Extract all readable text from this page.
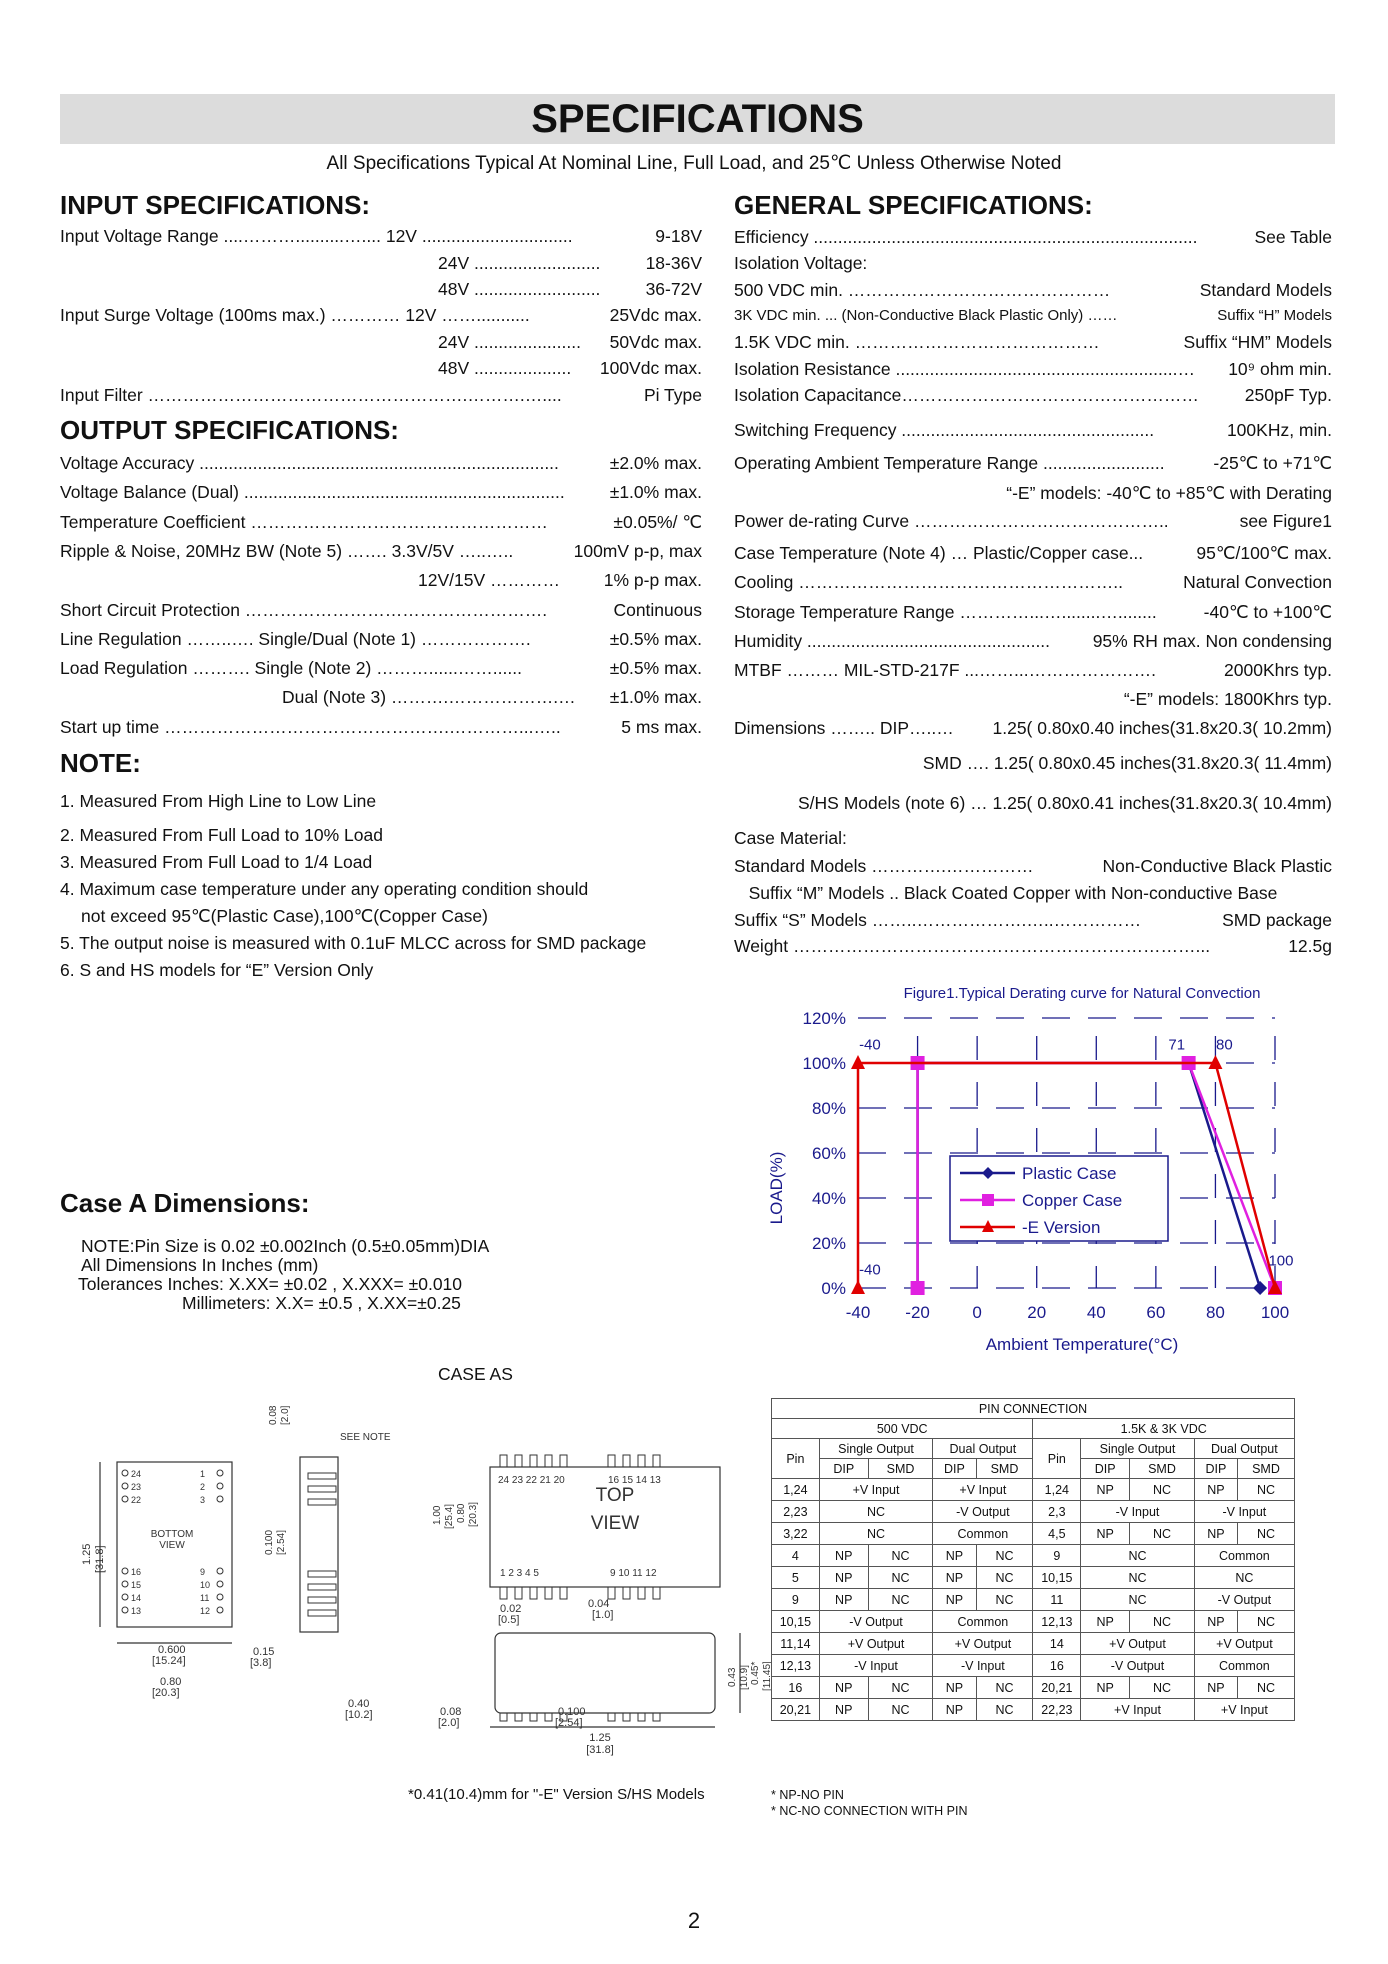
SPECIFICATIONS
All Specifications Typical At Nominal Line, Full Load, and 25℃ Unless Otherwise Noted
INPUT SPECIFICATIONS:
Input Voltage Range ....………..........….... 12V ...............................	9-18V
24V ..........................	18-36V
48V ..........................	36-72V
Input Surge Voltage (100ms max.) ………… 12V ……...........	25Vdc max.
24V ...................... 50Vdc max.
48V .................... 100Vdc max.
Input Filter ……………………………………………….……….…....	Pi Type
OUTPUT SPECIFICATIONS:
Voltage Accuracy ..........................................................................	±2.0% max.
Voltage Balance (Dual) ..................................................................	±1.0% max.
Temperature Coefficient ……………………………………………	±0.05%/ ℃
Ripple & Noise, 20MHz BW (Note 5) ……. 3.3V/5V …..…..	100mV p-p, max
12V/15V …………	1% p-p max.
Short Circuit Protection …………………………………………….	Continuous
Line Regulation ……..…. Single/Dual (Note 1) ……………….	±0.5% max.
Load Regulation ………. Single (Note 2) ………......……......	±0.5% max.
Dual (Note 3) ……….……………….… ±1.0% max.
Start up time ………………………………………….…………...…..	5 ms max.
NOTE:
1. Measured From High Line to Low Line
2. Measured From Full Load to 10% Load
3. Measured From Full Load to 1/4 Load
4. Maximum case temperature under any operating condition should
not exceed 95℃(Plastic Case),100℃(Copper Case)
5. The output noise is measured with 0.1uF MLCC across for SMD package
6. S and HS models for “E” Version Only
GENERAL SPECIFICATIONS:
Efficiency ...............................................................................	See Table
Isolation Voltage:
500 VDC min. ………………………………………	Standard Models
3K VDC min. ... (Non-Conductive Black Plastic Only) ……	Suffix “H” Models
1.5K VDC min. ……………………………………	Suffix “HM” Models
Isolation Resistance ..........................................................… 10⁹ ohm min.
Isolation Capacitance……………………………………………	250pF Typ.
Switching Frequency ....................................................	100KHz, min.
Operating Ambient Temperature Range .........................	-25℃ to +71℃
“-E” models: -40℃ to +85℃ with Derating
Power de-rating Curve ……………………………………..	see Figure1
Case Temperature (Note 4) … Plastic/Copper case...	95℃/100℃ max.
Cooling ………………………………………………..	Natural Convection
Storage Temperature Range …………...…........…........	-40℃ to +100℃
Humidity .................................................. 95% RH max. Non condensing
MTBF ……… MIL-STD-217F ...……...………………….	2000Khrs typ.
“-E” models: 1800Khrs typ.
Dimensions …….. DIP…..… 1.25( 0.80x0.40 inches(31.8x20.3( 10.2mm)
SMD …. 1.25( 0.80x0.45 inches(31.8x20.3( 11.4mm)
S/HS Models (note 6) … 1.25( 0.80x0.41 inches(31.8x20.3( 10.4mm)
Case Material:
Standard Models ………….……………	Non-Conductive Black Plastic
Suffix “M” Models .. Black Coated Copper with Non-conductive Base
Suffix “S” Models ……..……………….…..……………	SMD package
Weight ……………………………………………………………...	12.5g
Figure1.Typical Derating curve for Natural Convection
0%
20%
40%
60%
80%
100%
120%
-40 -20	0	20 40 60 80 100
-40	71 80
-40
100
LOAD(%)
Ambient Temperature(°C)
Plastic Case
Copper Case
-E Version
Case A Dimensions:
NOTE:Pin Size is 0.02 ±0.002Inch (0.5±0.05mm)DIA
All Dimensions In Inches (mm)
Tolerances Inches: X.XX= ±0.02 , X.XXX= ±0.010
Millimeters: X.X= ±0.5 , X.XX=±0.25
CASE AS
BOTTOM
VIEW
TOP
VIEW
SEE NOTE
24 23 22 21 20	16 15 14 13
1 2 3 4 5	9 10 11 12
0.600
[15.24]
0.80
[20.3]
0.15
[3.8]
0.40
[10.2]
0.02
[0.5]
0.04
[1.0]
0.08
[2.0]
0.100
[2.54]
1.25
[31.8]
0.08 [2.0]
0.100 [2.54]
1.25 [31.8]
1.00 [25.4] 0.80 [20.3]
0.43 [10.9] 0.45* [11.45]
24
23
22
16
15
14
13
1
2
3
9
10
11
12
*0.41(10.4)mm for "-E" Version S/HS Models
PIN CONNECTION									
500 VDC					1.5K & 3K VDC				
Pin	Single Output		Dual Output		Pin	Single Output		Dual Output	
	DIP	SMD	DIP	SMD		DIP	SMD	DIP	SMD
1,24	+V Input		+V Input		1,24	NP	NC	NP	NC
2,23	NC		-V Output		2,3	-V Input		-V Input	
3,22	NC		Common		4,5	NP	NC	NP	NC
4	NP	NC	NP	NC	9	NC		Common	
5	NP	NC	NP	NC	10,15	NC		NC	
9	NP	NC	NP	NC	11	NC		-V Output	
10,15	-V Output		Common		12,13	NP	NC	NP	NC
11,14	+V Output		+V Output		14	+V Output		+V Output	
12,13	-V Input		-V Input		16	-V Output		Common	
16	NP	NC	NP	NC	20,21	NP	NC	NP	NC
20,21	NP	NC	NP	NC	22,23	+V Input		+V Input	
* NP-NO PIN
* NC-NO CONNECTION WITH PIN
2
